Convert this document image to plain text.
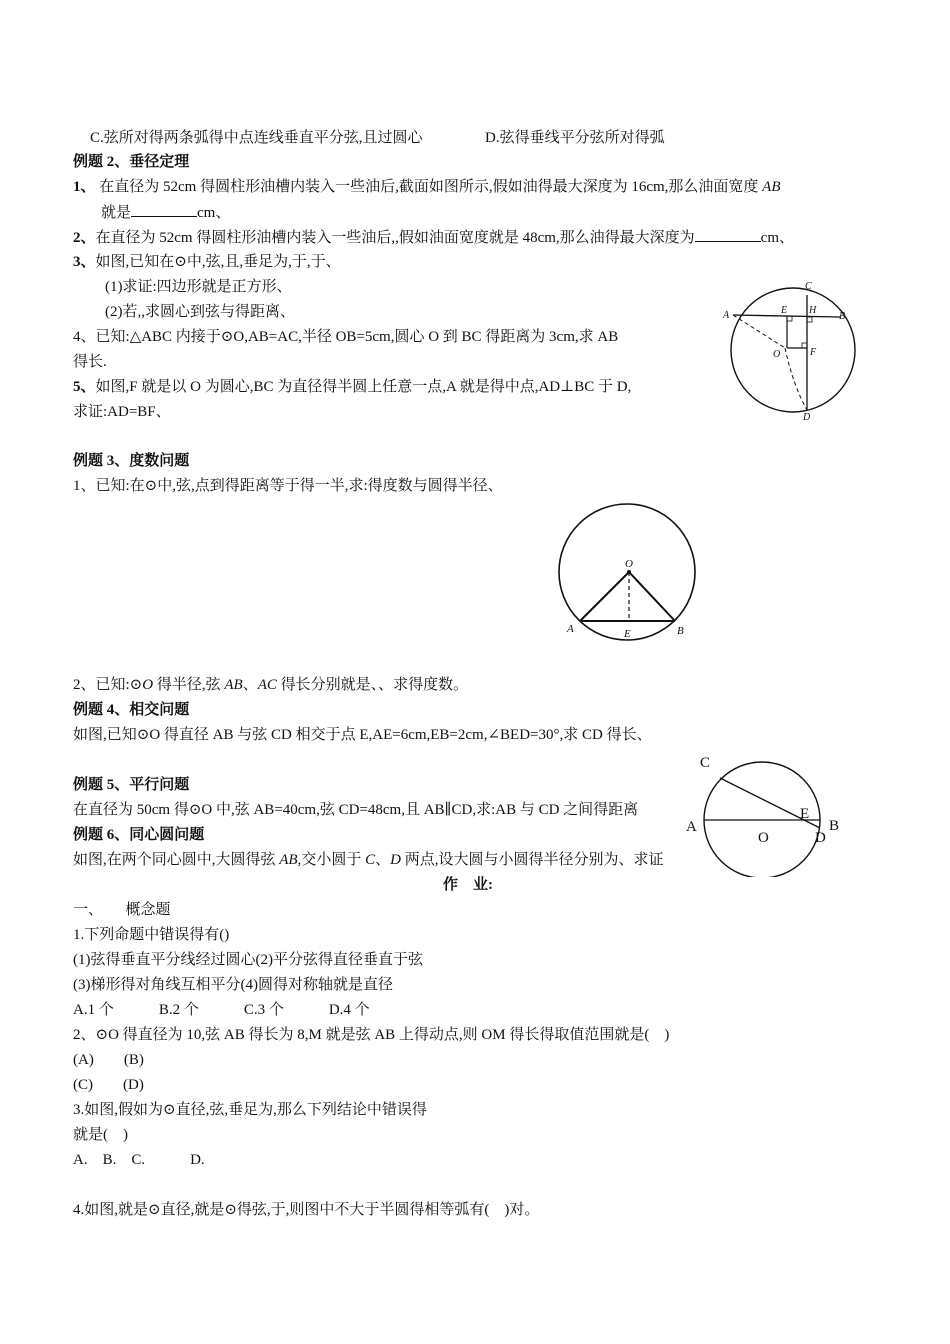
C.弦所对得两条弧得中点连线垂直平分弦,且过圆心	D.弦得垂线平分弦所对得弧
例题 2、垂径定理
1、 在直径为 52cm 得圆柱形油槽内装入一些油后,截面如图所示,假如油得最大深度为 16cm,那么油面宽度 AB
就是	cm、
2、在直径为 52cm 得圆柱形油槽内装入一些油后,,假如油面宽度就是 48cm,那么油得最大深度为	cm、
3、如图,已知在⊙中,弦,且,垂足为,于,于、
(1)求证:四边形就是正方形、
(2)若,,求圆心到弦与得距离、
4、已知:△ABC 内接于⊙O,AB=AC,半径 OB=5cm,圆心 O 到 BC 得距离为 3cm,求 AB
得长.
5、如图,F 就是以 O 为圆心,BC 为直径得半圆上任意一点,A 就是得中点,AD⊥BC 于 D,
求证:AD=BF、
A	E H
B
C
O	F
D
例题 3、度数问题
1、已知:在⊙中,弦,点到得距离等于得一半,求:得度数与圆得半径、
O
A	E	B
2、已知:⊙O 得半径,弦 AB、AC 得长分别就是、、求得度数。
例题 4、相交问题
如图,已知⊙O 得直径 AB 与弦 CD 相交于点 E,AE=6cm,EB=2cm,∠BED=30°,求 CD 得长、
例题 5、平行问题
在直径为 50cm 得⊙O 中,弦 AB=40cm,弦 CD=48cm,且 AB∥CD,求:AB 与 CD 之间得距离
例题 6、同心圆问题
如图,在两个同心圆中,大圆得弦 AB,交小圆于 C、D 两点,设大圆与小圆得半径分别为、求证
C
E
A
O
B
D
作　业:
一、　　概念题
1.下列命题中错误得有()
(1)弦得垂直平分线经过圆心(2)平分弦得直径垂直于弦
(3)梯形得对角线互相平分(4)圆得对称轴就是直径
A.1 个　　　B.2 个　　　C.3 个　　　D.4 个
2、⊙O 得直径为 10,弦 AB 得长为 8,M 就是弦 AB 上得动点,则 OM 得长得取值范围就是(　)
(A)　　(B)
(C)　　(D)
3.如图,假如为⊙直径,弦,垂足为,那么下列结论中错误得
就是(　)
A.　B.　C.　　　D.
4.如图,就是⊙直径,就是⊙得弦,于,则图中不大于半圆得相等弧有(　)对。
